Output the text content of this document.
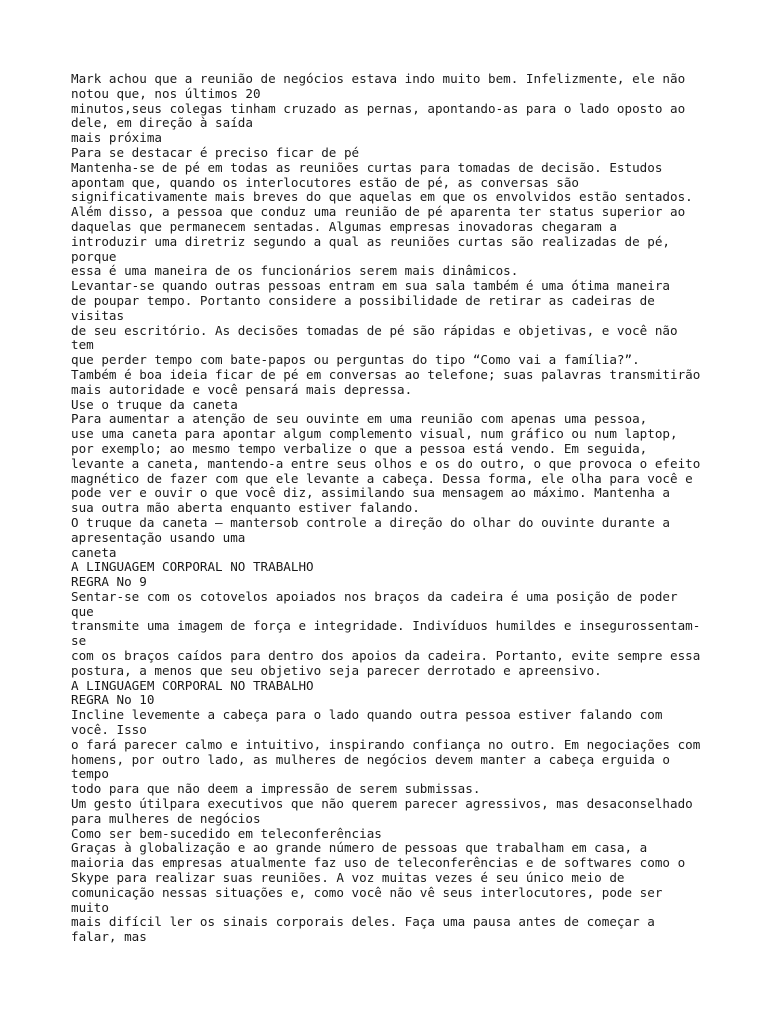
Mark achou que a reunião de negócios estava indo muito bem. Infelizmente, ele não
notou que, nos últimos 20
minutos,seus colegas tinham cruzado as pernas, apontando-as para o lado oposto ao
dele, em direção à saída
mais próxima
Para se destacar é preciso ficar de pé
Mantenha-se de pé em todas as reuniões curtas para tomadas de decisão. Estudos
apontam que, quando os interlocutores estão de pé, as conversas são
significativamente mais breves do que aquelas em que os envolvidos estão sentados.
Além disso, a pessoa que conduz uma reunião de pé aparenta ter status superior ao
daquelas que permanecem sentadas. Algumas empresas inovadoras chegaram a
introduzir uma diretriz segundo a qual as reuniões curtas são realizadas de pé,
porque
essa é uma maneira de os funcionários serem mais dinâmicos.
Levantar-se quando outras pessoas entram em sua sala também é uma ótima maneira
de poupar tempo. Portanto considere a possibilidade de retirar as cadeiras de
visitas
de seu escritório. As decisões tomadas de pé são rápidas e objetivas, e você não
tem
que perder tempo com bate-papos ou perguntas do tipo “Como vai a família?”.
Também é boa ideia ficar de pé em conversas ao telefone; suas palavras transmitirão
mais autoridade e você pensará mais depressa.
Use o truque da caneta
Para aumentar a atenção de seu ouvinte em uma reunião com apenas uma pessoa,
use uma caneta para apontar algum complemento visual, num gráfico ou num laptop,
por exemplo; ao mesmo tempo verbalize o que a pessoa está vendo. Em seguida,
levante a caneta, mantendo-a entre seus olhos e os do outro, o que provoca o efeito
magnético de fazer com que ele levante a cabeça. Dessa forma, ele olha para você e
pode ver e ouvir o que você diz, assimilando sua mensagem ao máximo. Mantenha a
sua outra mão aberta enquanto estiver falando.
O truque da caneta – mantersob controle a direção do olhar do ouvinte durante a
apresentação usando uma
caneta
A LINGUAGEM CORPORAL NO TRABALHO
REGRA No 9
Sentar-se com os cotovelos apoiados nos braços da cadeira é uma posição de poder
que
transmite uma imagem de força e integridade. Indivíduos humildes e insegurossentam-
se
com os braços caídos para dentro dos apoios da cadeira. Portanto, evite sempre essa
postura, a menos que seu objetivo seja parecer derrotado e apreensivo.
A LINGUAGEM CORPORAL NO TRABALHO
REGRA No 10
Incline levemente a cabeça para o lado quando outra pessoa estiver falando com
você. Isso
o fará parecer calmo e intuitivo, inspirando confiança no outro. Em negociações com
homens, por outro lado, as mulheres de negócios devem manter a cabeça erguida o
tempo
todo para que não deem a impressão de serem submissas.
Um gesto útilpara executivos que não querem parecer agressivos, mas desaconselhado
para mulheres de negócios
Como ser bem-sucedido em teleconferências
Graças à globalização e ao grande número de pessoas que trabalham em casa, a
maioria das empresas atualmente faz uso de teleconferências e de softwares como o
Skype para realizar suas reuniões. A voz muitas vezes é seu único meio de
comunicação nessas situações e, como você não vê seus interlocutores, pode ser
muito
mais difícil ler os sinais corporais deles. Faça uma pausa antes de começar a
falar, mas
